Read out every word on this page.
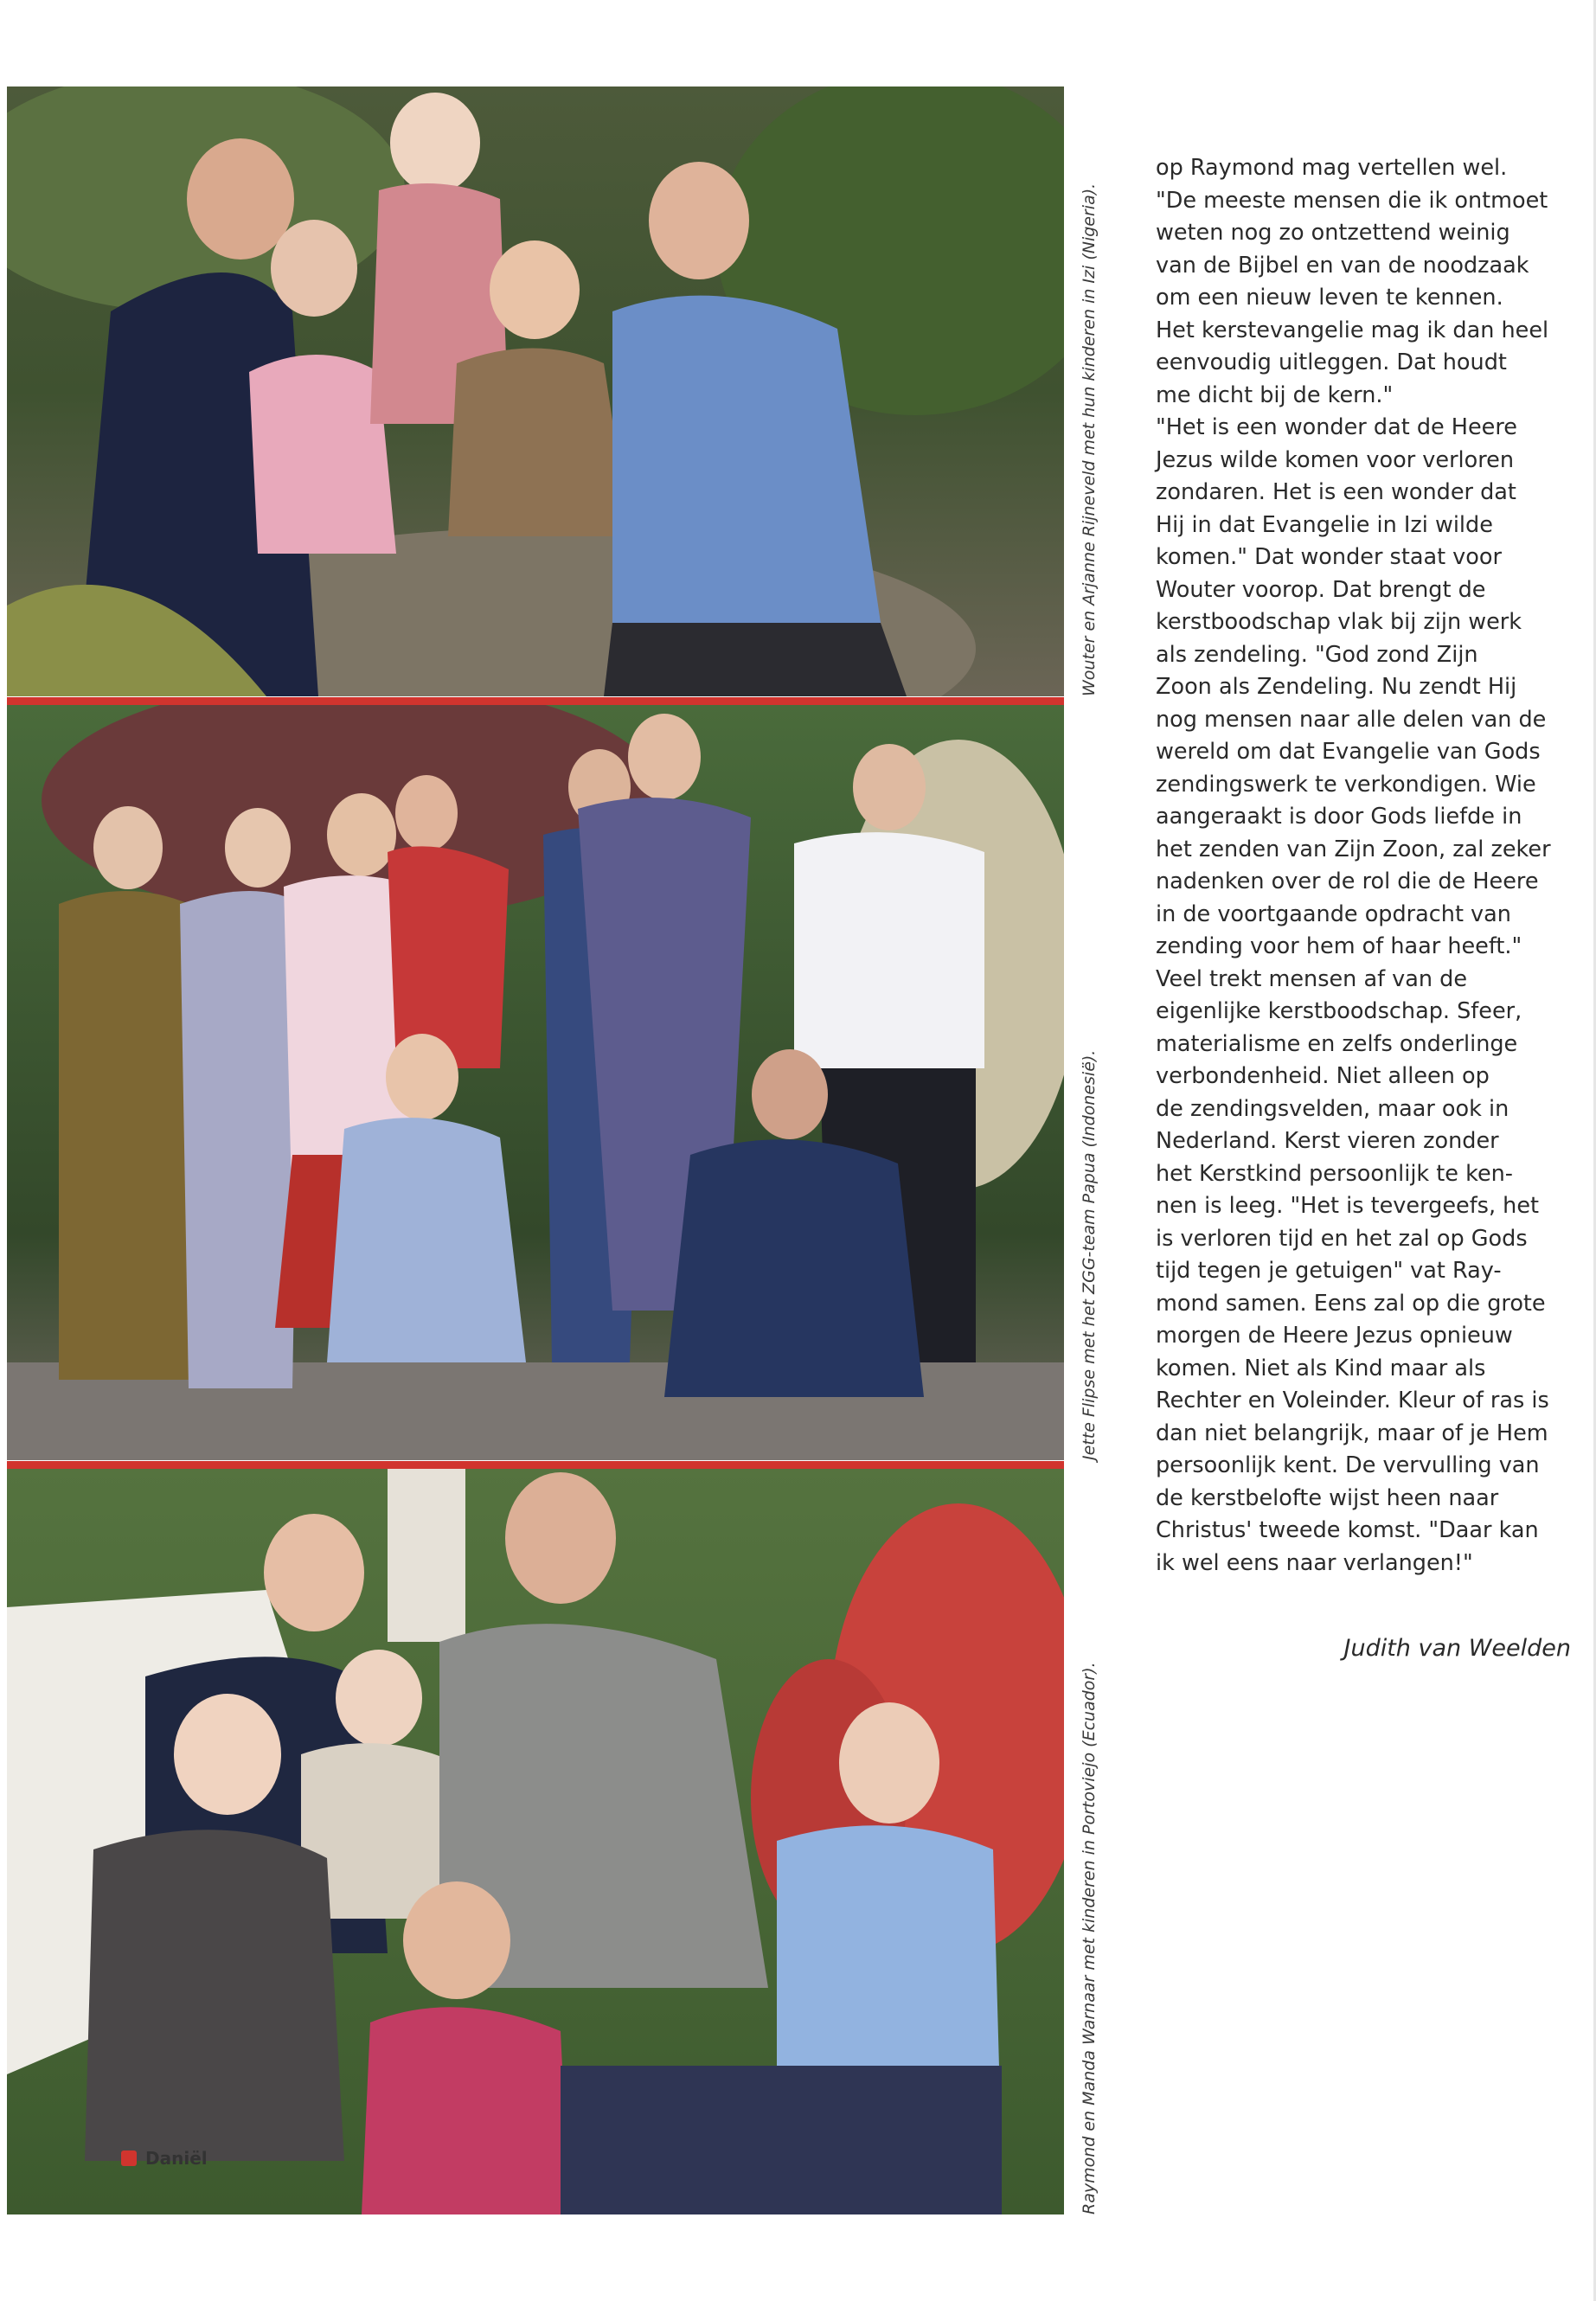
Wouter en Arjanne Rijneveld met hun kinderen in Izi (Nigeria).
Jette Flipse met het ZGG-team Papua (Indonesië).
Raymond en Manda Warnaar met kinderen in Portoviejo (Ecuador).
op Raymond mag vertellen wel.
"De meeste mensen die ik ontmoet
weten nog zo ontzettend weinig
van de Bijbel en van de noodzaak
om een nieuw leven te kennen.
Het kerstevangelie mag ik dan heel
eenvoudig uitleggen. Dat houdt
me dicht bij de kern."
"Het is een wonder dat de Heere
Jezus wilde komen voor verloren
zondaren. Het is een wonder dat
Hij in dat Evangelie in Izi wilde
komen." Dat wonder staat voor
Wouter voorop. Dat brengt de
kerstboodschap vlak bij zijn werk
als zendeling. "God zond Zijn
Zoon als Zendeling. Nu zendt Hij
nog mensen naar alle delen van de
wereld om dat Evangelie van Gods
zendingswerk te verkondigen. Wie
aangeraakt is door Gods liefde in
het zenden van Zijn Zoon, zal zeker
nadenken over de rol die de Heere
in de voortgaande opdracht van
zending voor hem of haar heeft."
Veel trekt mensen af van de
eigenlijke kerstboodschap. Sfeer,
materialisme en zelfs onderlinge
verbondenheid. Niet alleen op
de zendingsvelden, maar ook in
Nederland. Kerst vieren zonder
het Kerstkind persoonlijk te ken-
nen is leeg. "Het is tevergeefs, het
is verloren tijd en het zal op Gods
tijd tegen je getuigen" vat Ray-
mond samen. Eens zal op die grote
morgen de Heere Jezus opnieuw
komen. Niet als Kind maar als
Rechter en Voleinder. Kleur of ras is
dan niet belangrijk, maar of je Hem
persoonlijk kent. De vervulling van
de kerstbelofte wijst heen naar
Christus' tweede komst. "Daar kan
ik wel eens naar verlangen!"
Judith van Weelden
Daniël
